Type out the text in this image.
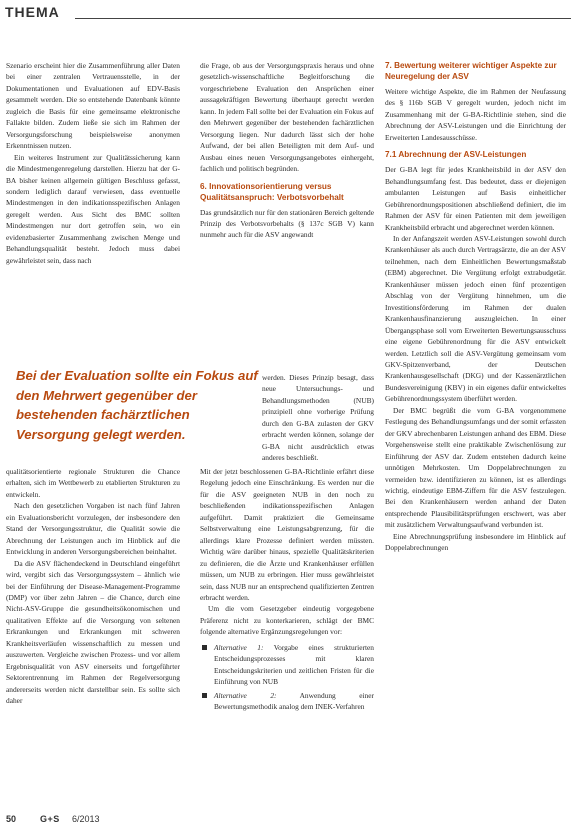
THEMA

Szenario erscheint hier die Zusammenführung aller Daten bei einer zentralen Vertrauensstelle, in der Dokumentationen und Evaluationen auf EDV-Basis gesammelt werden. Die so entstehende Datenbank könnte zugleich die Basis für eine gemeinsame elektronische Fallakte bilden. Zudem ließe sie sich im Rahmen der Versorgungsforschung beispielsweise anonymen Erkenntnissen nutzen.

Ein weiteres Instrument zur Qualitätssicherung kann die Mindestmengenregelung darstellen. Hierzu hat der G-BA bisher keinen allgemein gültigen Beschluss gefasst, sondern lediglich darauf verwiesen, dass eventuelle Mindestmengen in den indikationsspezifischen Anlagen geregelt werden. Aus Sicht des BMC sollten Mindestmengen nur dort getroffen sein, wo ein evidenzbasierter Zusammenhang zwischen Menge und Behandlungsqualität besteht. Jedoch muss dabei gewährleistet sein, dass nach

qualitätsorientierte regionale Strukturen die Chance erhalten, sich im Wettbewerb zu etablierten Strukturen zu entwickeln.

Nach den gesetzlichen Vorgaben ist nach fünf Jahren ein Evaluationsbericht vorzulegen, der insbesondere den Stand der Versorgungsstruktur, die Qualität sowie die Abrechnung der Leistungen auch im Hinblick auf die Entwicklung in anderen Versorgungsbereichen beinhaltet.

Da die ASV flächendeckend in Deutschland eingeführt wird, vergibt sich das Versorgungssystem – ähnlich wie bei der Einführung der Disease-Management-Programme (DMP) vor über zehn Jahren – die Chance, durch eine Nicht-ASV-Gruppe die gesundheitsökonomischen und qualitativen Effekte auf die Versorgung von seltenen Erkrankungen und Erkrankungen mit schweren Krankheitsverläufen wissenschaftlich zu messen und auszuwerten. Vergleiche zwischen Prozess- und vor allem Ergebnisqualität von ASV einerseits und fortgeführter Sektorentrennung im Rahmen der Regelversorgung andererseits werden nicht darstellbar sein. Es sollte sich daher

Bei der Evaluation sollte ein Fokus auf den Mehrwert gegenüber der bestehenden fachärztlichen Versorgung gelegt werden.

die Frage, ob aus der Versorgungspraxis heraus und ohne gesetzlich-wissenschaftliche Begleitforschung die vorgeschriebene Evaluation den Ansprüchen einer aussagekräftigen Bewertung überhaupt gerecht werden kann. In jedem Fall sollte bei der Evaluation ein Fokus auf den Mehrwert gegenüber der bestehenden fachärztlichen Versorgung liegen. Nur dadurch lässt sich der hohe Aufwand, der bei allen Beteiligten mit dem Auf- und Ausbau eines neuen Versorgungsangebotes einhergeht, fachlich und politisch begründen.

6. Innovationsorientierung versus Qualitätsanspruch: Verbotsvorbehalt

Das grundsätzlich nur für den stationären Bereich geltende Prinzip des Verbotsvorbehalts (§ 137c SGB V) kann nunmehr auch für die ASV angewandt

werden. Dieses Prinzip besagt, dass neue Untersuchungs- und Behandlungsmethoden (NUB) prinzipiell ohne vorherige Prüfung durch den G-BA zulasten der GKV erbracht werden können, solange der G-BA nicht ausdrücklich etwas anderes beschließt.

Mit der jetzt beschlossenen G-BA-Richtlinie erfährt diese Regelung jedoch eine Einschränkung. Es werden nur die für die ASV geeigneten NUB in den noch zu beschließenden indikationsspezifischen Anlagen aufgeführt. Damit praktiziert die Gemeinsame Selbstverwaltung eine Leistungsabgrenzung, für die allerdings klare Prozesse definiert werden müssten. Wichtig wäre darüber hinaus, spezielle Qualitätskriterien zu definieren, die die Ärzte und Krankenhäuser erfüllen müssen, um NUB zu erbringen. Hier muss gewährleistet sein, dass NUB nur an entsprechend qualifizierten Zentren erbracht werden.

Um die vom Gesetzgeber eindeutig vorgegebene Präferenz nicht zu konterkarieren, schlägt der BMC folgende alternative Ergänzungsregelungen vor:

Alternative 1: Vorgabe eines strukturierten Entscheidungsprozesses mit klaren Entscheidungskriterien und zeitlichen Fristen für die Einführung von NUB
Alternative 2:	Anwendung einer Bewertungsmethodik analog dem INEK-Verfahren
7. Bewertung weiterer wichtiger Aspekte zur Neuregelung der ASV

Weitere wichtige Aspekte, die im Rahmen der Neufassung des § 116b SGB V geregelt wurden, jedoch nicht im Zusammenhang mit der G-BA-Richtlinie stehen, sind die Abrechnung der ASV-Leistungen und die Einrichtung der Erweiterten Landesausschüsse.

7.1 Abrechnung der ASV-Leistungen

Der G-BA legt für jedes Krankheitsbild in der ASV den Behandlungsumfang fest. Das bedeutet, dass er diejenigen ambulanten Leistungen auf Basis einheitlicher Gebührenordnungspositionen abschließend definiert, die im Rahmen der ASV für einen Patienten mit dem jeweiligen Krankheitsbild erbracht und abgerechnet werden können.

In der Anfangszeit werden ASV-Leistungen sowohl durch Krankenhäuser als auch durch Vertragsärzte, die an der ASV teilnehmen, nach dem Einheitlichen Bewertungsmaßstab (EBM) abgerechnet. Die Vergütung erfolgt extrabudgetär. Krankenhäuser müssen jedoch einen fünf prozentigen Abschlag von der Vergütung hinnehmen, um die Investitionsförderung im Rahmen der dualen Krankenhausfinanzierung auszugleichen. In einer Übergangsphase soll vom Erweiterten Bewertungsausschuss eine eigene Gebührenordnung für die ASV entwickelt werden. Letztlich soll die ASV-Vergütung gemeinsam vom GKV-Spitzenverband, der Deutschen Krankenhausgesellschaft (DKG) und der Kassenärztlichen Bundesvereinigung (KBV) in ein eigenes dafür entwickeltes Gebührenordnungssystem überführt werden.

Der BMC begrüßt die vom G-BA vorgenommene Festlegung des Behandlungsumfangs und der somit erfassten der GKV abrechenbaren Leistungen anhand des EBM. Diese Vorgehensweise stellt eine praktikable Zwischenlösung zur Einführung der ASV dar. Zudem entstehen dadurch keine unnötigen Mehrkosten. Um Doppelabrechnungen zu vermeiden bzw. identifizieren zu können, ist es allerdings wichtig, eindeutige EBM-Ziffern für die ASV festzulegen. Bei den Krankenhäusern werden anhand der Daten entsprechende Plausibilitätsprüfungen erschwert, was aber mit zusätzlichem Verwaltungsaufwand verbunden ist.

Eine Abrechnungsprüfung insbesondere im Hinblick auf Doppelabrechnungen

50	G+S 6/2013
